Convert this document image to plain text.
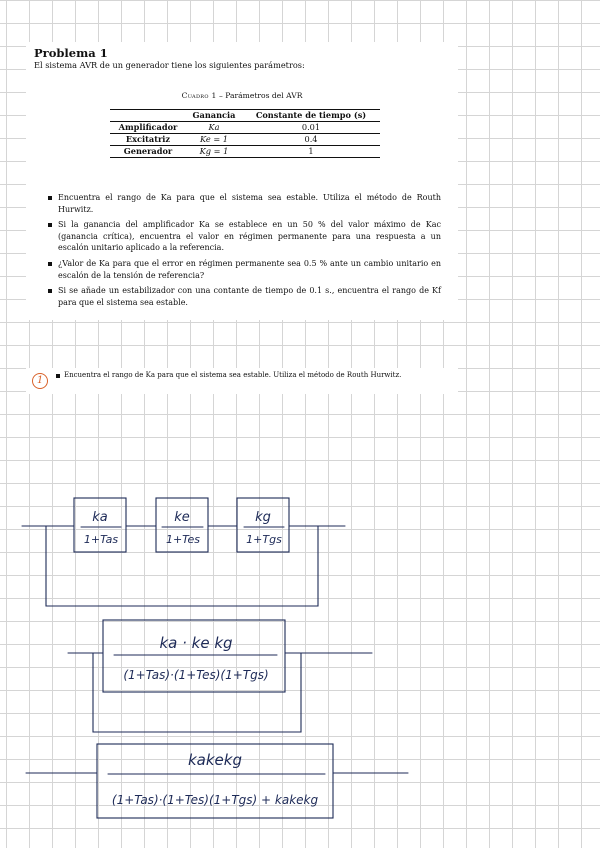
Problema 1
El sistema AVR de un generador tiene los siguientes parámetros:
Cuadro 1 – Parámetros del AVR
	Ganancia	Constante de tiempo (s)
Amplificador	Ka	0.01
Excitatriz	Ke = 1	0.4
Generador	Kg = 1	1
Encuentra el rango de Ka para que el sistema sea estable. Utiliza el método de Routh Hurwitz.
Si la ganancia del amplificador Ka se establece en un 50 % del valor máximo de Kac (ganancia crítica), encuentra el valor en régimen permanente para una respuesta a un escalón unitario aplicado a la referencia.
¿Valor de Ka para que el error en régimen permanente sea 0.5 % ante un cambio unitario en escalón de la tensión de referencia?
Si se añade un estabilizador con una contante de tiempo de 0.1 s., encuentra el rango de Kf para que el sistema sea estable.
1	Encuentra el rango de Ka para que el sistema sea estable. Utiliza el método de Routh Hurwitz.
ka
1+Tas
ke
1+Tes
kg
1+Tgs
ka · ke kg
(1+Tas)·(1+Tes)(1+Tgs)
kakekg
(1+Tas)·(1+Tes)(1+Tgs) + kakekg
